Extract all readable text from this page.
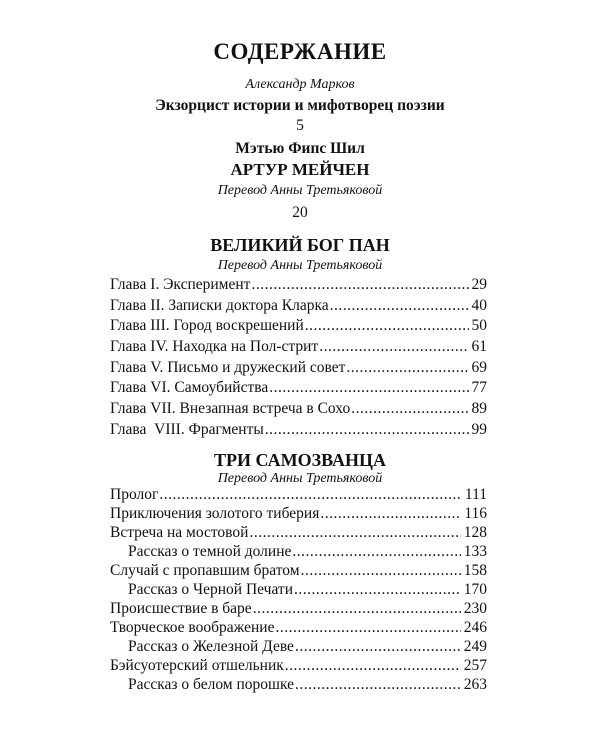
СОДЕРЖАНИЕ
Александр Марков
Экзорцист истории и мифотворец поэзии
5
Мэтью Фипс Шил
АРТУР МЕЙЧЕН
Перевод Анны Третьяковой
20
ВЕЛИКИЙ БОГ ПАН
Перевод Анны Третьяковой
Глава I. Эксперимент .....	29
Глава II. Записки доктора Кларка .....	40
Глава III. Город воскрешений .....	50
Глава IV. Находка на Пол-стрит .....	61
Глава V. Письмо и дружеский совет .....	69
Глава VI. Самоубийства .....	77
Глава VII. Внезапная встреча в Сохо .....	89
Глава  VIII. Фрагменты .....	99
ТРИ САМОЗВАНЦА
Перевод Анны Третьяковой
Пролог .....	111
Приключения золотого тиберия .....	116
Встреча на мостовой .....	128
Рассказ о темной долине .....	133
Случай с пропавшим братом .....	158
Рассказ о Черной Печати .....	170
Происшествие в баре .....	230
Творческое воображение .....	246
Рассказ о Железной Деве .....	249
Бэйсуотерский отшельник .....	257
Рассказ о белом порошке .....	263
